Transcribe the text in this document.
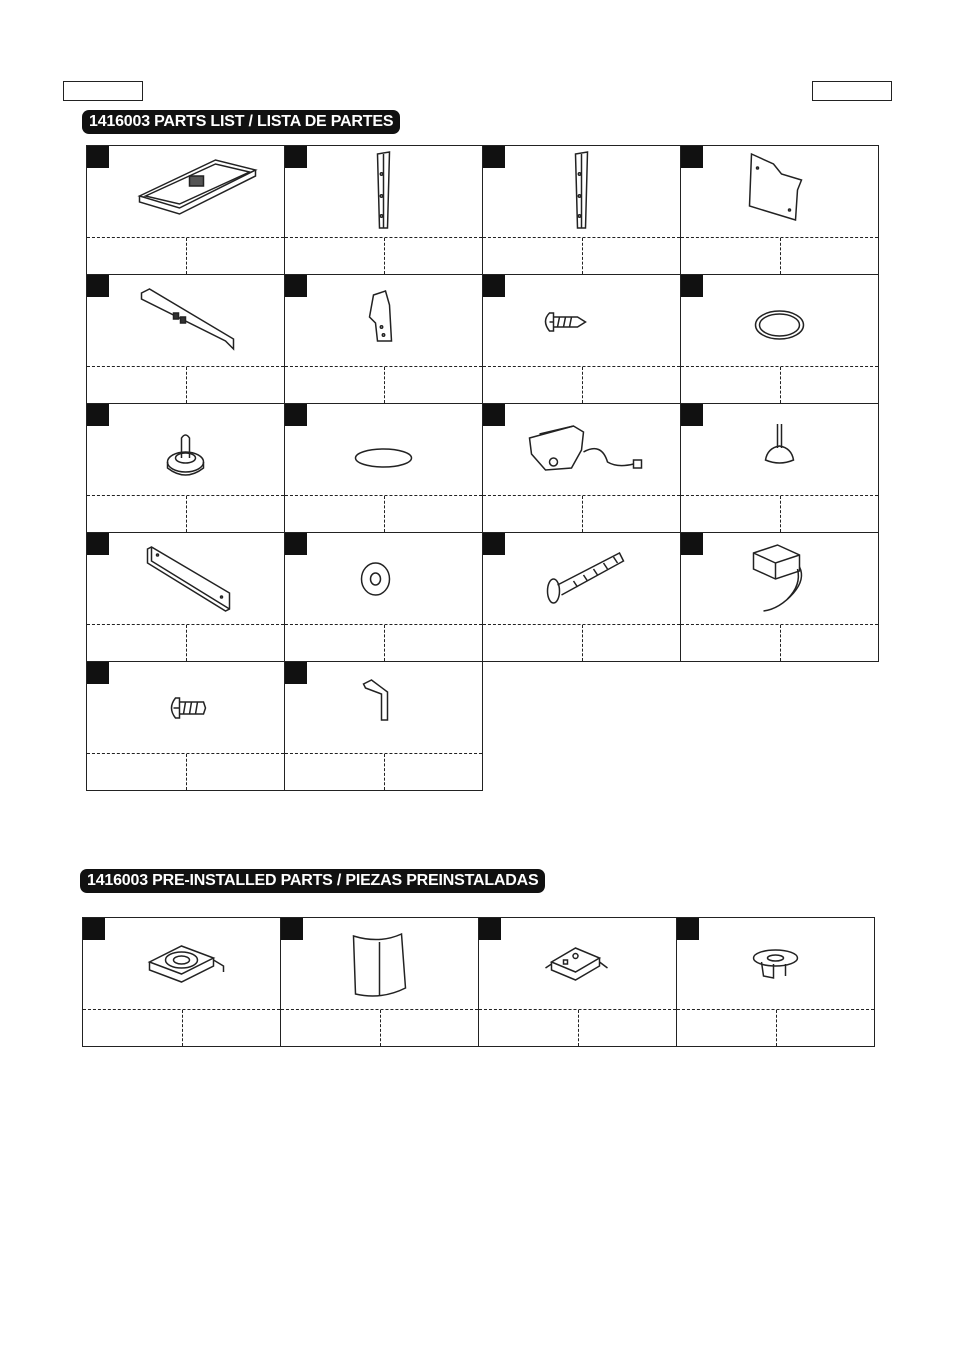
1416003 PARTS LIST / LISTA DE PARTES
1416003 PRE-INSTALLED PARTS / PIEZAS PREINSTALADAS
